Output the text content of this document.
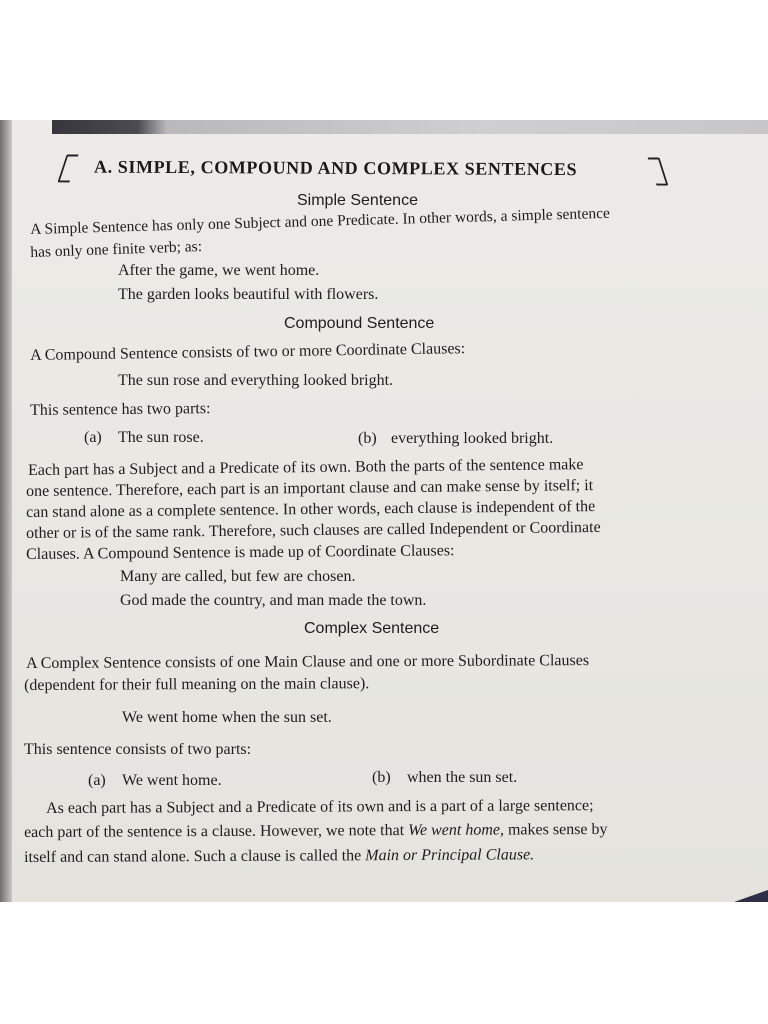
A. SIMPLE, COMPOUND AND COMPLEX SENTENCES
Simple Sentence
A Simple Sentence has only one Subject and one Predicate. In other words, a simple sentence
has only one finite verb; as:
After the game, we went home.
The garden looks beautiful with flowers.
Compound Sentence
A Compound Sentence consists of two or more Coordinate Clauses:
The sun rose and everything looked bright.
This sentence has two parts:
(a) The sun rose.	(b) everything looked bright.
Each part has a Subject and a Predicate of its own. Both the parts of the sentence make
one sentence. Therefore, each part is an important clause and can make sense by itself; it
can stand alone as a complete sentence. In other words, each clause is independent of the
other or is of the same rank. Therefore, such clauses are called Independent or Coordinate
Clauses. A Compound Sentence is made up of Coordinate Clauses:
Many are called, but few are chosen.
God made the country, and man made the town.
Complex Sentence
A Complex Sentence consists of one Main Clause and one or more Subordinate Clauses
(dependent for their full meaning on the main clause).
We went home when the sun set.
This sentence consists of two parts:
(a) We went home.	(b) when the sun set.
As each part has a Subject and a Predicate of its own and is a part of a large sentence;
each part of the sentence is a clause. However, we note that We went home, makes sense by
itself and can stand alone. Such a clause is called the Main or Principal Clause.
